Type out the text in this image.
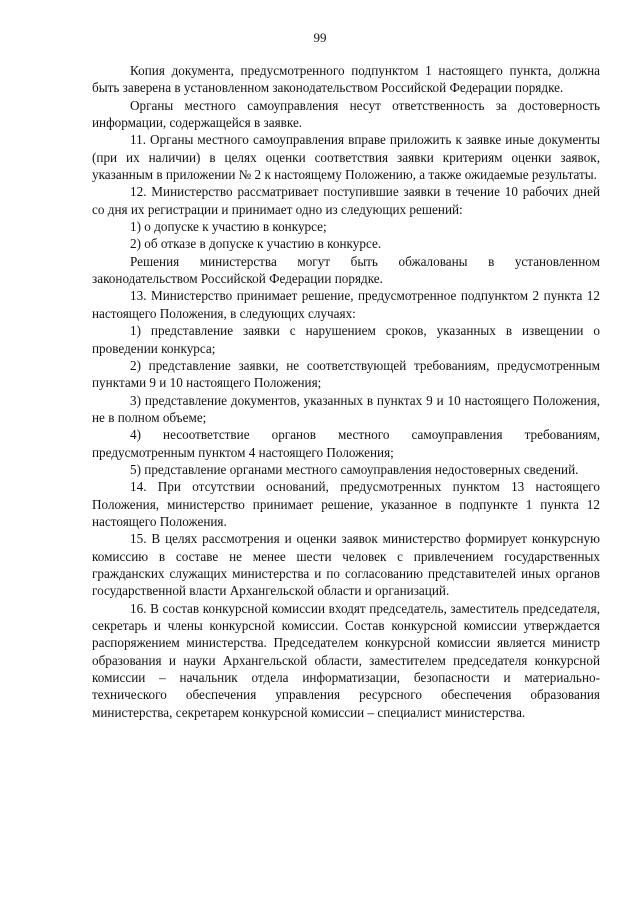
99

Копия документа, предусмотренного подпунктом 1 настоящего пункта, должна быть заверена в установленном законодательством Российской Федерации порядке.

Органы местного самоуправления несут ответственность за достоверность информации, содержащейся в заявке.

11. Органы местного самоуправления вправе приложить к заявке иные документы (при их наличии) в целях оценки соответствия заявки критериям оценки заявок, указанным в приложении № 2 к настоящему Положению, а также ожидаемые результаты.

12. Министерство рассматривает поступившие заявки в течение 10 рабочих дней со дня их регистрации и принимает одно из следующих решений:

1) о допуске к участию в конкурсе;

2) об отказе в допуске к участию в конкурсе.

Решения министерства могут быть обжалованы в установленном законодательством Российской Федерации порядке.

13. Министерство принимает решение, предусмотренное подпунктом 2 пункта 12 настоящего Положения, в следующих случаях:

1) представление заявки с нарушением сроков, указанных в извещении о проведении конкурса;

2) представление заявки, не соответствующей требованиям, предусмотренным пунктами 9 и 10 настоящего Положения;

3) представление документов, указанных в пунктах 9 и 10 настоящего Положения, не в полном объеме;

4) несоответствие органов местного самоуправления требованиям, предусмотренным пунктом 4 настоящего Положения;

5) представление органами местного самоуправления недостоверных сведений.

14. При отсутствии оснований, предусмотренных пунктом 13 настоящего Положения, министерство принимает решение, указанное в подпункте 1 пункта 12 настоящего Положения.

15. В целях рассмотрения и оценки заявок министерство формирует конкурсную комиссию в составе не менее шести человек с привлечением государственных гражданских служащих министерства и по согласованию представителей иных органов государственной власти Архангельской области и организаций.

16. В состав конкурсной комиссии входят председатель, заместитель председателя, секретарь и члены конкурсной комиссии. Состав конкурсной комиссии утверждается распоряжением министерства. Председателем конкурсной комиссии является министр образования и науки Архангельской области, заместителем председателя конкурсной комиссии – начальник отдела информатизации, безопасности и материально-технического обеспечения управления ресурсного обеспечения образования министерства, секретарем конкурсной комиссии – специалист министерства.
